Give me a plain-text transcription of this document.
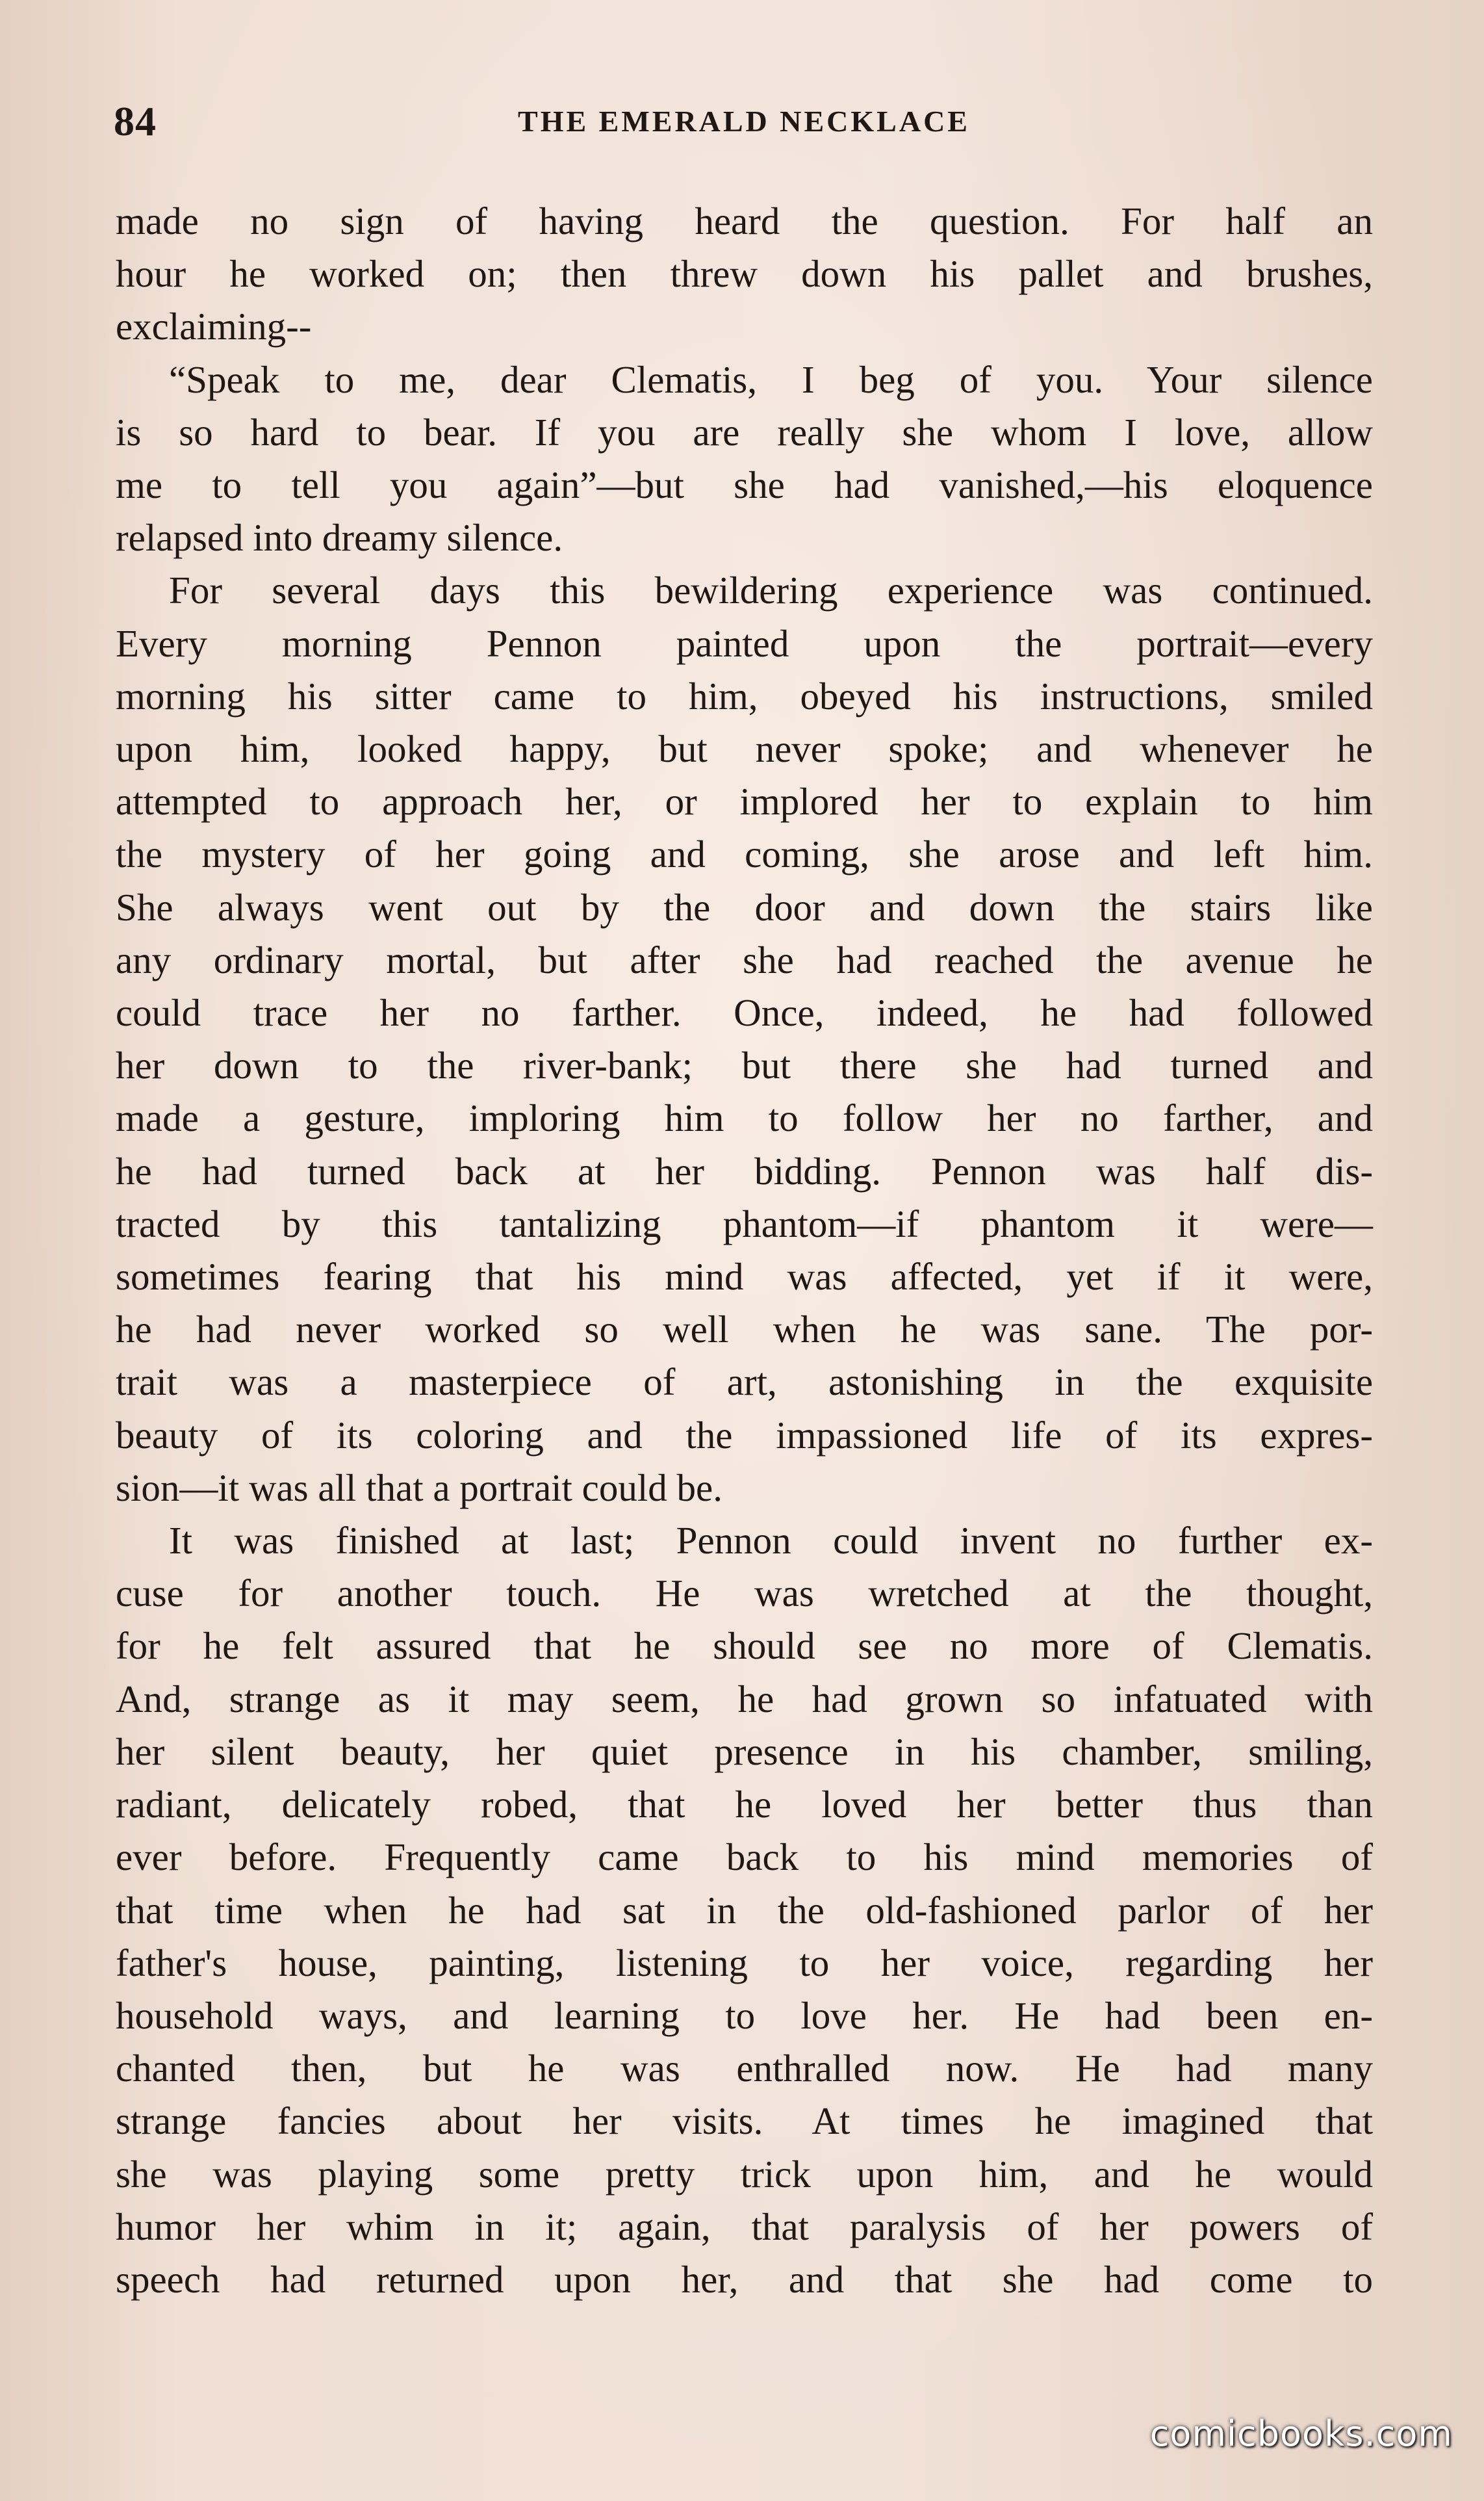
84	THE EMERALD NECKLACE
made no sign of having heard the question. For half an
hour he worked on; then threw down his pallet and brushes,
exclaiming--
“Speak to me, dear Clematis, I beg of you. Your silence
is so hard to bear. If you are really she whom I love, allow
me to tell you again”—but she had vanished,—his eloquence
relapsed into dreamy silence.
For several days this bewildering experience was continued.
Every morning Pennon painted upon the portrait—every
morning his sitter came to him, obeyed his instructions, smiled
upon him, looked happy, but never spoke; and whenever he
attempted to approach her, or implored her to explain to him
the mystery of her going and coming, she arose and left him.
She always went out by the door and down the stairs like
any ordinary mortal, but after she had reached the avenue he
could trace her no farther. Once, indeed, he had followed
her down to the river-bank; but there she had turned and
made a gesture, imploring him to follow her no farther, and
he had turned back at her bidding. Pennon was half dis-
tracted by this tantalizing phantom—if phantom it were—
sometimes fearing that his mind was affected, yet if it were,
he had never worked so well when he was sane. The por-
trait was a masterpiece of art, astonishing in the exquisite
beauty of its coloring and the impassioned life of its expres-
sion—it was all that a portrait could be.
It was finished at last; Pennon could invent no further ex-
cuse for another touch. He was wretched at the thought,
for he felt assured that he should see no more of Clematis.
And, strange as it may seem, he had grown so infatuated with
her silent beauty, her quiet presence in his chamber, smiling,
radiant, delicately robed, that he loved her better thus than
ever before. Frequently came back to his mind memories of
that time when he had sat in the old-fashioned parlor of her
father's house, painting, listening to her voice, regarding her
household ways, and learning to love her. He had been en-
chanted then, but he was enthralled now. He had many
strange fancies about her visits. At times he imagined that
she was playing some pretty trick upon him, and he would
humor her whim in it; again, that paralysis of her powers of
speech had returned upon her, and that she had come to
comicbooks.com
